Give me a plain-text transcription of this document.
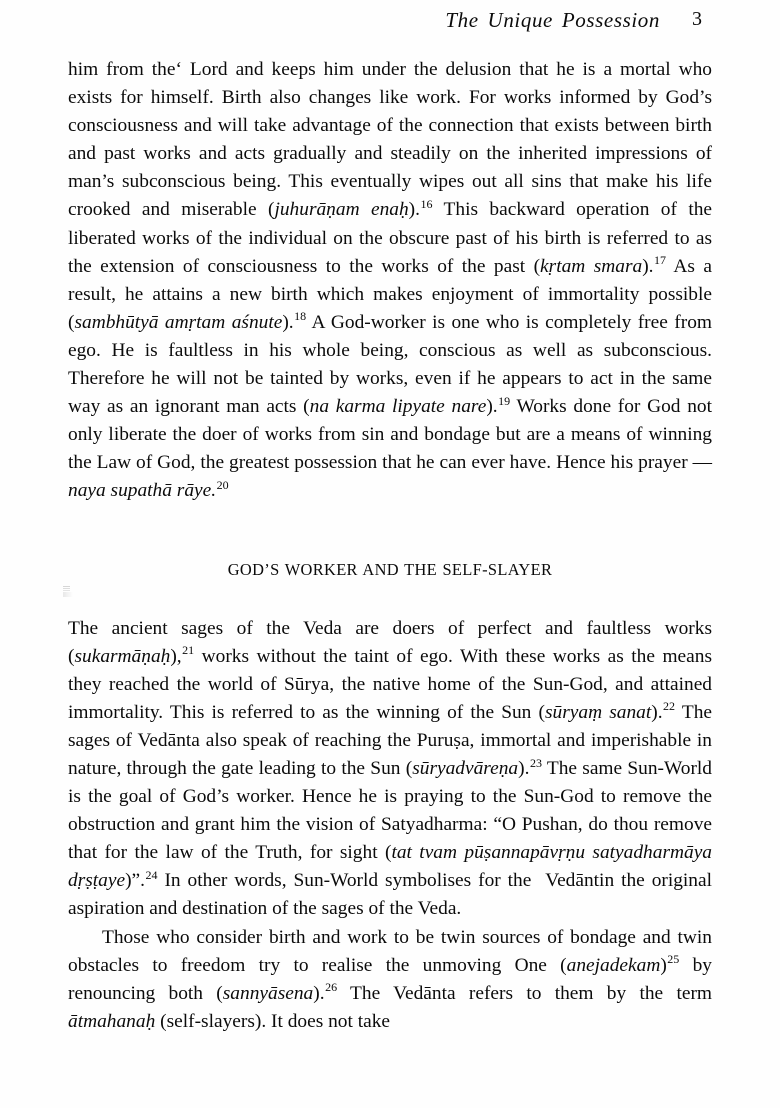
The Unique Possession 3

him from theʻ Lord and keeps him under the delusion that he is a mortal who exists for himself. Birth also changes like work. For works informed by God’s consciousness and will take advantage of the connection that exists between birth and past works and acts gradually and steadily on the inherited impressions of man’s subconscious being. This eventually wipes out all sins that make his life crooked and miserable (juhurāṇam enaḥ).$^{16}$ This backward operation of the liberated works of the individual on the obscure past of his birth is referred to as the extension of consciousness to the works of the past (kṛtam smara).$^{17}$ As a result, he attains a new birth which makes enjoyment of immortality possible (sambhūtyā amṛtam aśnute).$^{18}$ A God-worker is one who is completely free from ego. He is faultless in his whole being, conscious as well as subconscious. Therefore he will not be tainted by works, even if he appears to act in the same way as an ignorant man acts (na karma lipyate nare).$^{19}$ Works done for God not only liberate the doer of works from sin and bondage but are a means of winning the Law of God, the greatest possession that he can ever have. Hence his prayer — naya supathā rāye.$^{20}$

GOD’S WORKER AND THE SELF-SLAYER

The ancient sages of the Veda are doers of perfect and faultless works (sukarmāṇaḥ),$^{21}$ works without the taint of ego. With these works as the means they reached the world of Sūrya, the native home of the Sun-God, and attained immortality. This is referred to as the winning of the Sun (sūryaṃ sanat).$^{22}$ The sages of Vedānta also speak of reaching the Puruṣa, immortal and imperishable in nature, through the gate leading to the Sun (sūryadvāreṇa).$^{23}$ The same Sun-World is the goal of God’s worker. Hence he is praying to the Sun-God to remove the obstruction and grant him the vision of Satyadharma: “O Pushan, do thou remove that for the law of the Truth, for sight (tat tvam pūṣannapāvṛṇu satyadharmāya dṛṣṭaye)”.$^{24}$ In other words, Sun-World symbolises for the  Vedāntin the original aspiration and destination of the sages of the Veda.

Those who consider birth and work to be twin sources of bondage and twin obstacles to freedom try to realise the unmoving One (anejadekam)$^{25}$ by renouncing both (sannyāsena).$^{26}$ The Vedānta refers to them by the term ātmahanaḥ (self-slayers). It does not take
